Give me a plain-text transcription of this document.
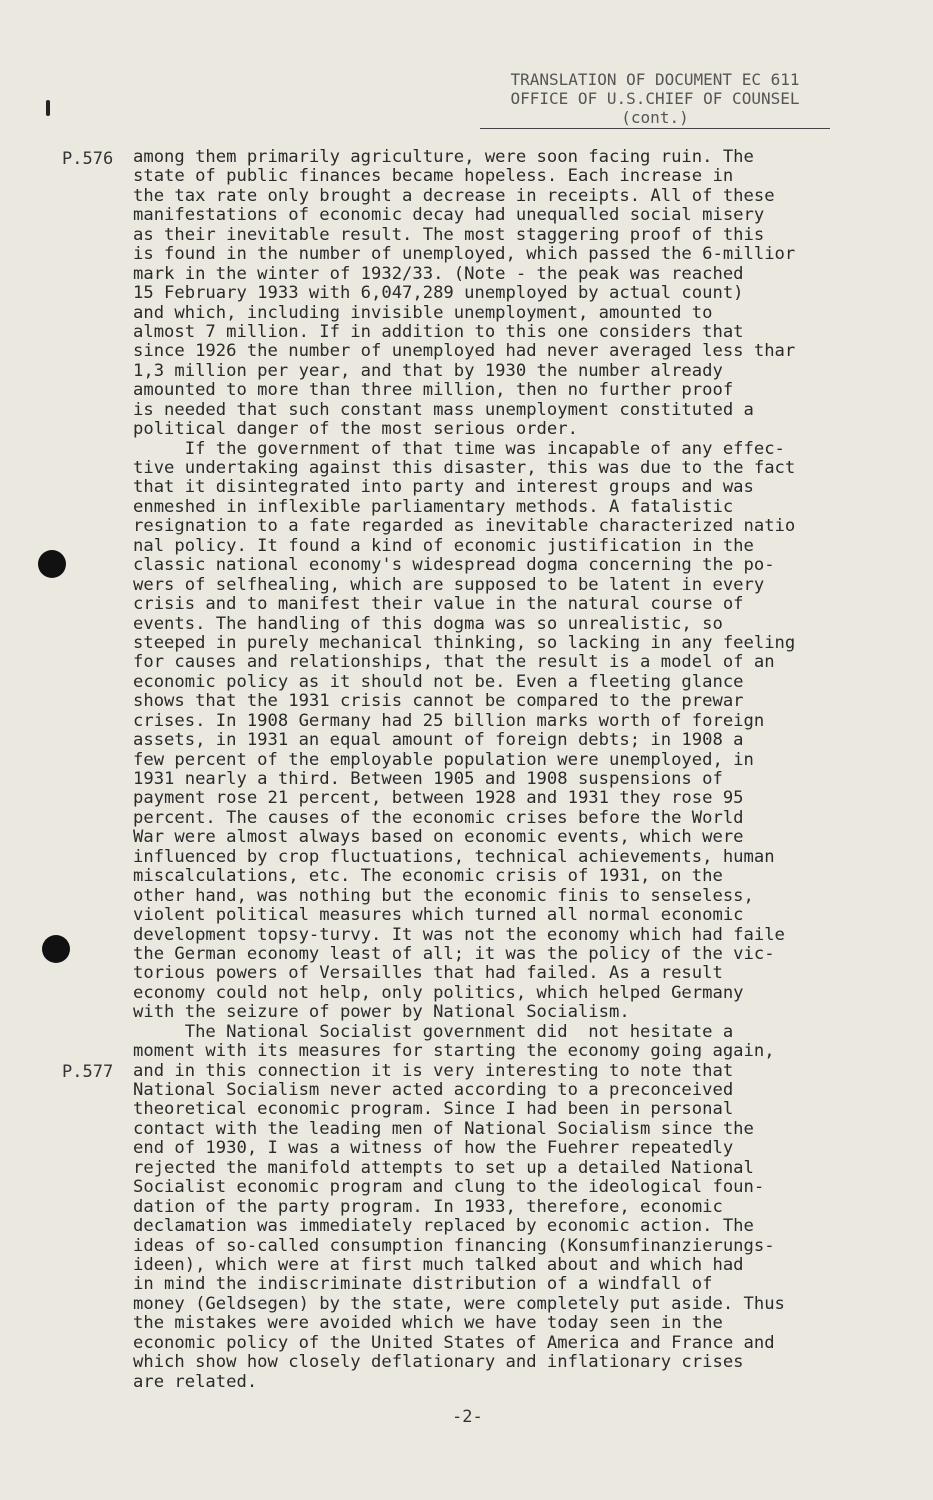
TRANSLATION OF DOCUMENT EC 611
OFFICE OF U.S.CHIEF OF COUNSEL
(cont.)
P.576
P.577
among them primarily agriculture, were soon facing ruin. The
state of public finances became hopeless. Each increase in
the tax rate only brought a decrease in receipts. All of these
manifestations of economic decay had unequalled social misery
as their inevitable result. The most staggering proof of this
is found in the number of unemployed, which passed the 6-millior
mark in the winter of 1932/33. (Note - the peak was reached
15 February 1933 with 6,047,289 unemployed by actual count)
and which, including invisible unemployment, amounted to
almost 7 million. If in addition to this one considers that
since 1926 the number of unemployed had never averaged less thar
1,3 million per year, and that by 1930 the number already
amounted to more than three million, then no further proof
is needed that such constant mass unemployment constituted a
political danger of the most serious order.
If the government of that time was incapable of any effec-
tive undertaking against this disaster, this was due to the fact
that it disintegrated into party and interest groups and was
enmeshed in inflexible parliamentary methods. A fatalistic
resignation to a fate regarded as inevitable characterized natio
nal policy. It found a kind of economic justification in the
classic national economy's widespread dogma concerning the po-
wers of selfhealing, which are supposed to be latent in every
crisis and to manifest their value in the natural course of
events. The handling of this dogma was so unrealistic, so
steeped in purely mechanical thinking, so lacking in any feeling
for causes and relationships, that the result is a model of an
economic policy as it should not be. Even a fleeting glance
shows that the 1931 crisis cannot be compared to the prewar
crises. In 1908 Germany had 25 billion marks worth of foreign
assets, in 1931 an equal amount of foreign debts; in 1908 a
few percent of the employable population were unemployed, in
1931 nearly a third. Between 1905 and 1908 suspensions of
payment rose 21 percent, between 1928 and 1931 they rose 95
percent. The causes of the economic crises before the World
War were almost always based on economic events, which were
influenced by crop fluctuations, technical achievements, human
miscalculations, etc. The economic crisis of 1931, on the
other hand, was nothing but the economic finis to senseless,
violent political measures which turned all normal economic
development topsy-turvy. It was not the economy which had faile
the German economy least of all; it was the policy of the vic-
torious powers of Versailles that had failed. As a result
economy could not help, only politics, which helped Germany
with the seizure of power by National Socialism.
The National Socialist government did  not hesitate a
moment with its measures for starting the economy going again,
and in this connection it is very interesting to note that
National Socialism never acted according to a preconceived
theoretical economic program. Since I had been in personal
contact with the leading men of National Socialism since the
end of 1930, I was a witness of how the Fuehrer repeatedly
rejected the manifold attempts to set up a detailed National
Socialist economic program and clung to the ideological foun-
dation of the party program. In 1933, therefore, economic
declamation was immediately replaced by economic action. The
ideas of so-called consumption financing (Konsumfinanzierungs-
ideen), which were at first much talked about and which had
in mind the indiscriminate distribution of a windfall of
money (Geldsegen) by the state, were completely put aside. Thus
the mistakes were avoided which we have today seen in the
economic policy of the United States of America and France and
which show how closely deflationary and inflationary crises
are related.
-2-
